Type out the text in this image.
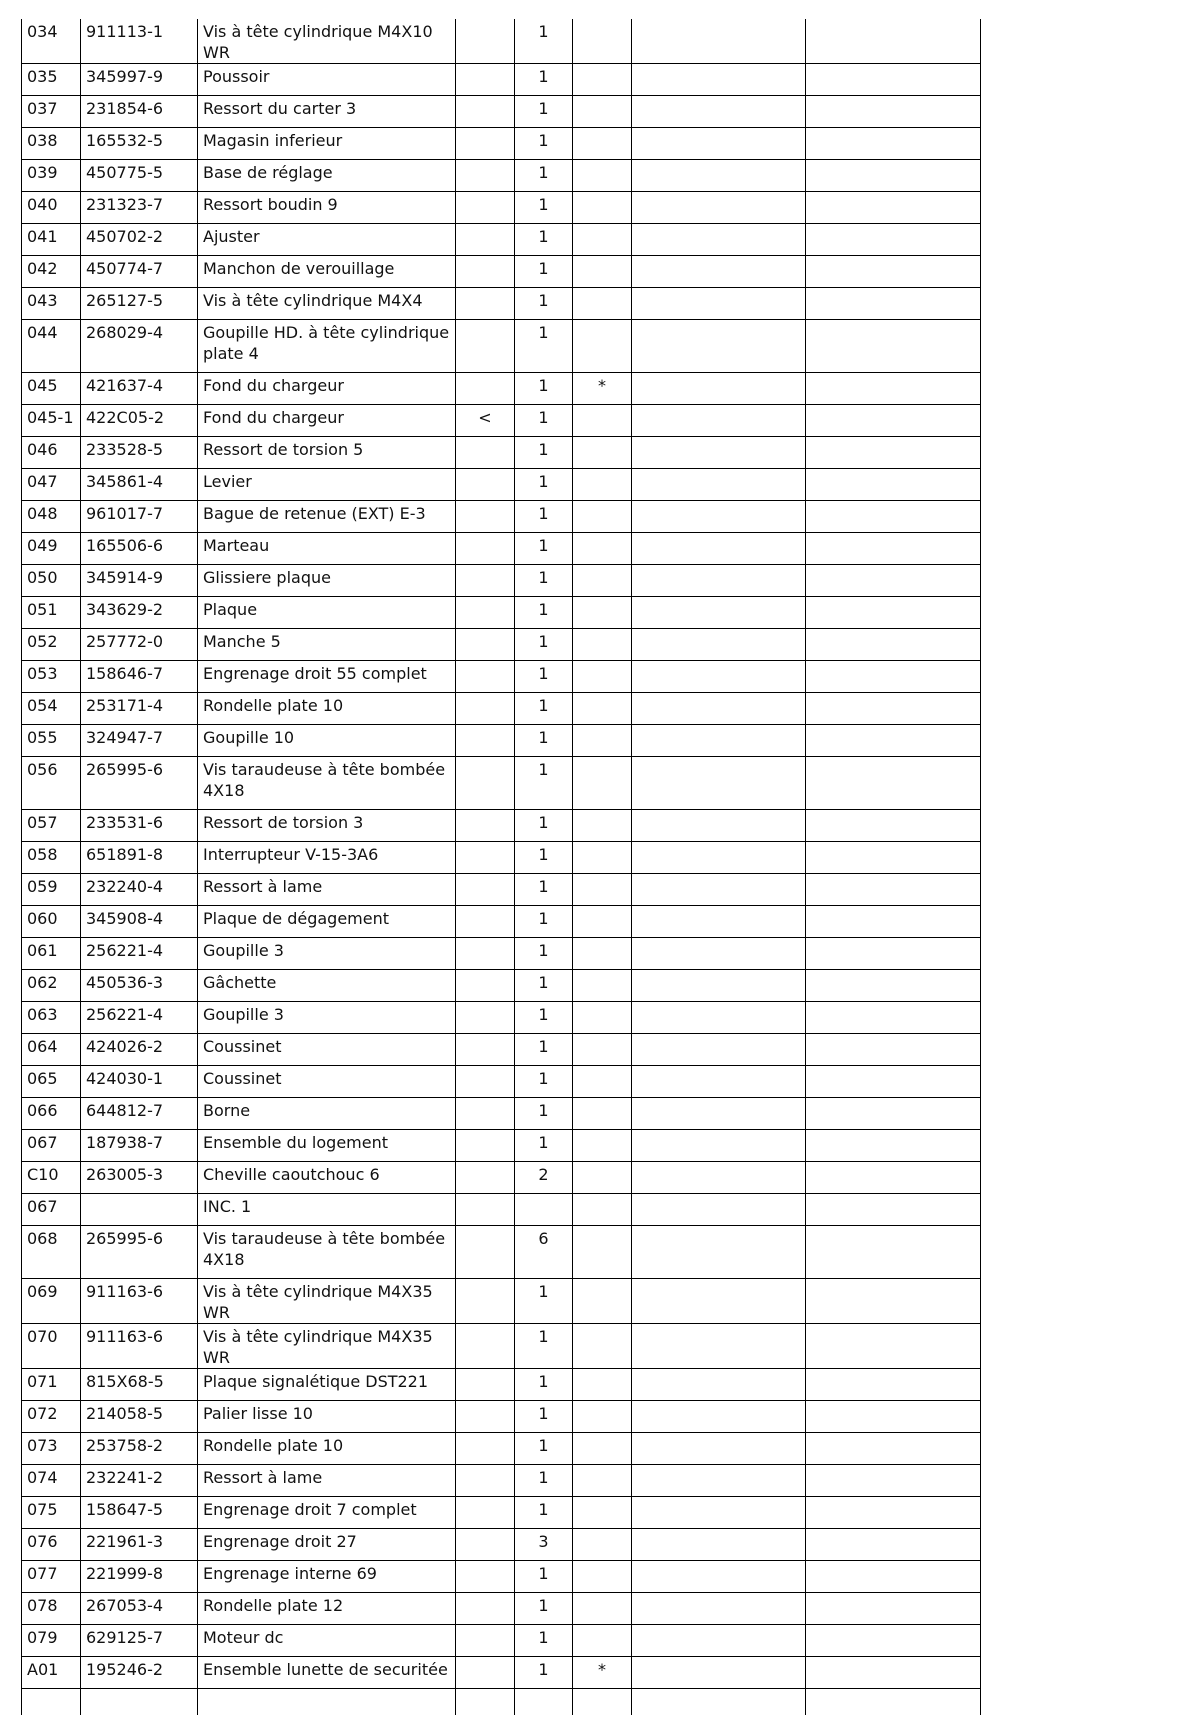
034	911113-1	Vis à tête cylindrique M4X10 WR		1			
035	345997-9	Poussoir		1			
037	231854-6	Ressort du carter 3		1			
038	165532-5	Magasin inferieur		1			
039	450775-5	Base de réglage		1			
040	231323-7	Ressort boudin 9		1			
041	450702-2	Ajuster		1			
042	450774-7	Manchon de verouillage		1			
043	265127-5	Vis à tête cylindrique M4X4		1			
044	268029-4	Goupille HD. à tête cylindrique plate 4		1			
045	421637-4	Fond du chargeur		1	*		
045-1	422C05-2	Fond du chargeur	<	1			
046	233528-5	Ressort de torsion 5		1			
047	345861-4	Levier		1			
048	961017-7	Bague de retenue (EXT) E-3		1			
049	165506-6	Marteau		1			
050	345914-9	Glissiere plaque		1			
051	343629-2	Plaque		1			
052	257772-0	Manche 5		1			
053	158646-7	Engrenage droit 55 complet		1			
054	253171-4	Rondelle plate 10		1			
055	324947-7	Goupille 10		1			
056	265995-6	Vis taraudeuse à tête bombée 4X18		1			
057	233531-6	Ressort de torsion 3		1			
058	651891-8	Interrupteur V-15-3A6		1			
059	232240-4	Ressort à lame		1			
060	345908-4	Plaque de dégagement		1			
061	256221-4	Goupille 3		1			
062	450536-3	Gâchette		1			
063	256221-4	Goupille 3		1			
064	424026-2	Coussinet		1			
065	424030-1	Coussinet		1			
066	644812-7	Borne		1			
067	187938-7	Ensemble du logement		1			
C10	263005-3	Cheville caoutchouc 6		2			
067		INC. 1					
068	265995-6	Vis taraudeuse à tête bombée 4X18		6			
069	911163-6	Vis à tête cylindrique M4X35 WR		1			
070	911163-6	Vis à tête cylindrique M4X35 WR		1			
071	815X68-5	Plaque signalétique DST221		1			
072	214058-5	Palier lisse 10		1			
073	253758-2	Rondelle plate 10		1			
074	232241-2	Ressort à lame		1			
075	158647-5	Engrenage droit 7 complet		1			
076	221961-3	Engrenage droit 27		3			
077	221999-8	Engrenage interne 69		1			
078	267053-4	Rondelle plate 12		1			
079	629125-7	Moteur dc		1			
A01	195246-2	Ensemble lunette de securitée		1	*		
